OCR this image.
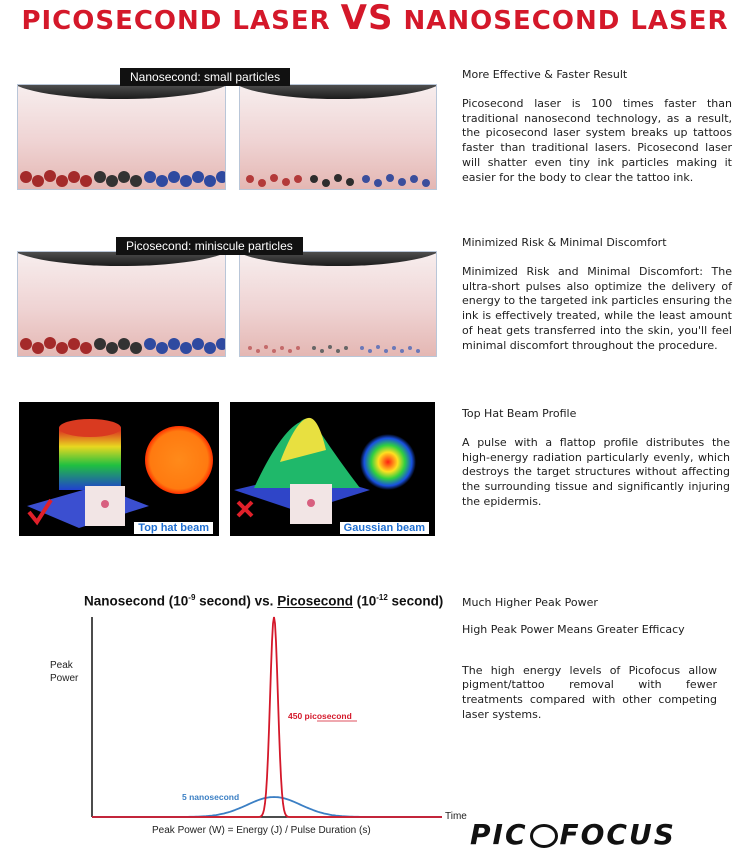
PICOSECOND LASER VS NANOSECOND LASER
Nanosecond: small particles
Picosecond: miniscule particles
Top hat beam	Gaussian beam
More Effective & Faster Result

Picosecond laser is 100 times faster than traditional nanosecond technology, as a result, the picosecond laser system breaks up tattoos faster than traditional lasers. Picosecond laser will shatter even tiny ink particles making it easier for the body to clear the tattoo ink.

Minimized Risk & Minimal Discomfort

Minimized Risk and Minimal Discomfort: The ultra-short pulses also optimize the delivery of energy to the targeted ink particles ensuring the ink is effectively treated, while the least amount of heat gets transferred into the skin, you'll feel minimal discomfort throughout the procedure.

Top Hat Beam Profile

A pulse with a flattop profile distributes the high-energy radiation particularly evenly, which destroys the target structures without affecting the surrounding tissue and significantly injuring the epidermis.

Much Higher Peak Power
High Peak Power Means Greater Efficacy

The high energy levels of Picofocus allow pigment/tattoo removal with fewer treatments compared with other competing laser systems.

Nanosecond ($10^{-9}$ second) vs. Picosecond ($10^{-12}$ second)
Peak
Power
450 picosecond
5 nanosecond
Time
Peak Power (W) = Energy (J) / Pulse Duration (s)	PIC FOCUS
